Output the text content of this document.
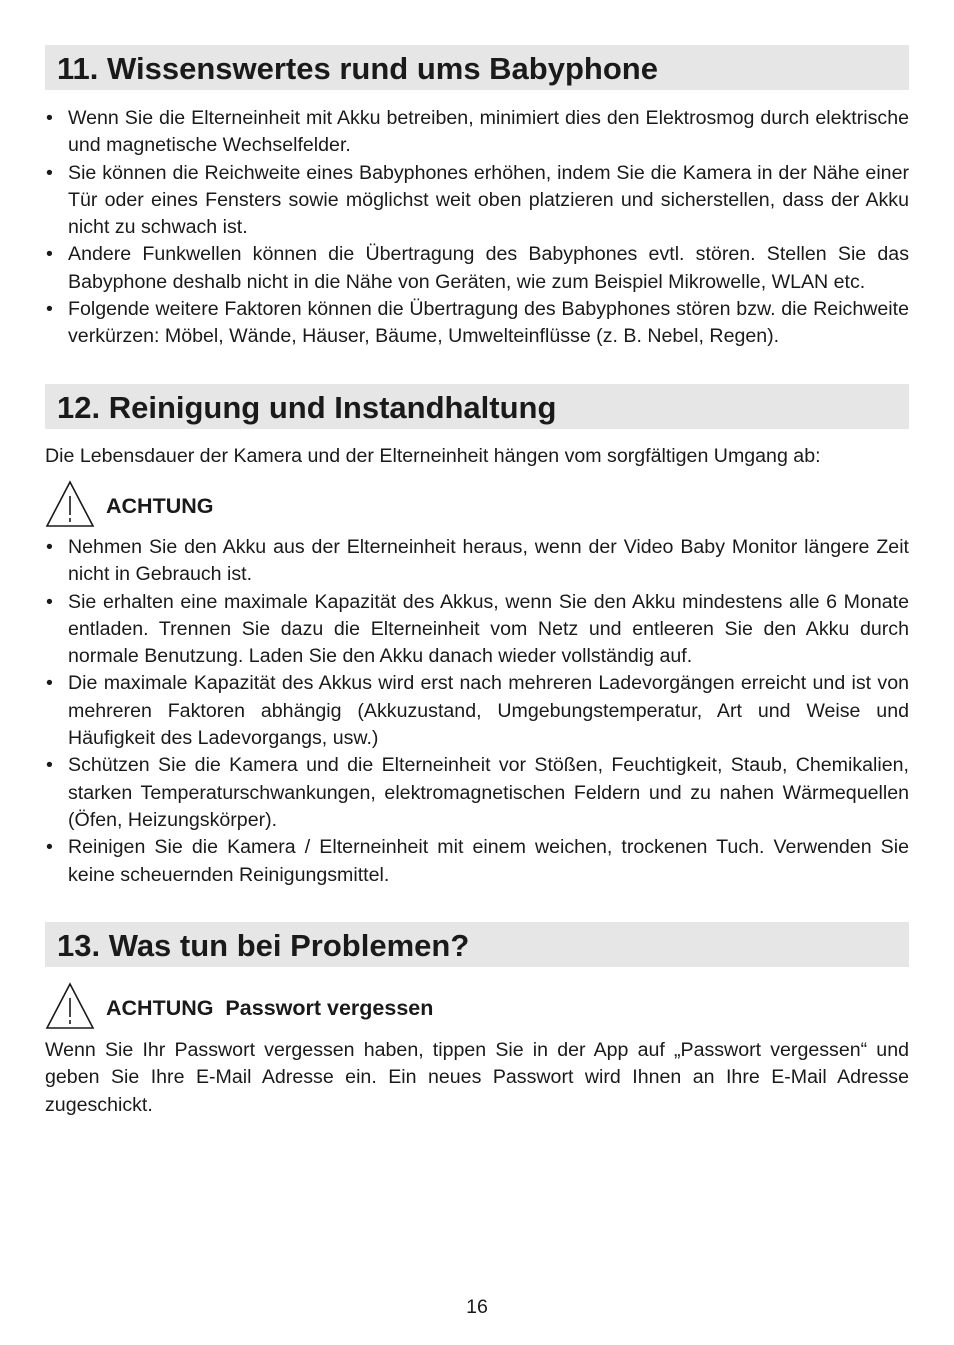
11. Wissenswertes rund ums Babyphone
• Wenn Sie die Elterneinheit mit Akku betreiben, minimiert dies den Elektrosmog durch elektrische und magnetische Wechselfelder.
• Sie können die Reichweite eines Babyphones erhöhen, indem Sie die Kamera in der Nähe einer Tür oder eines Fensters sowie möglichst weit oben platzieren und sicherstellen, dass der Akku nicht zu schwach ist.
• Andere Funkwellen können die Übertragung des Babyphones evtl. stören. Stellen Sie das Babyphone deshalb nicht in die Nähe von Geräten, wie zum Beispiel Mikrowelle, WLAN etc.
• Folgende weitere Faktoren können die Übertragung des Babyphones stören bzw. die Reichweite verkürzen: Möbel, Wände, Häuser, Bäume, Umwelteinflüsse (z. B. Nebel, Regen).
12. Reinigung und Instandhaltung

Die Lebensdauer der Kamera und der Elterneinheit hängen vom sorgfältigen Umgang ab:

ACHTUNG
• Nehmen Sie den Akku aus der Elterneinheit heraus, wenn der Video Baby Monitor längere Zeit nicht in Gebrauch ist.
• Sie erhalten eine maximale Kapazität des Akkus, wenn Sie den Akku mindestens alle 6 Monate entladen. Trennen Sie dazu die Elterneinheit vom Netz und entleeren Sie den Akku durch normale Benutzung. Laden Sie den Akku danach wieder vollständig auf.
• Die maximale Kapazität des Akkus wird erst nach mehreren Ladevorgängen erreicht und ist von mehreren Faktoren abhängig (Akkuzustand, Umgebungstemperatur, Art und Weise und Häufigkeit des Ladevorgangs, usw.)
• Schützen Sie die Kamera und die Elterneinheit vor Stößen, Feuchtigkeit, Staub, Chemikalien, starken Temperaturschwankungen, elektromagnetischen Feldern und zu nahen Wärmequellen (Öfen, Heizungskörper).
• Reinigen Sie die Kamera / Elterneinheit mit einem weichen, trockenen Tuch. Verwenden Sie keine scheuernden Reinigungsmittel.
13. Was tun bei Problemen?
ACHTUNG  Passwort vergessen

Wenn Sie Ihr Passwort vergessen haben, tippen Sie in der App auf „Passwort vergessen“ und geben Sie Ihre E-Mail Adresse ein. Ein neues Passwort wird Ihnen an Ihre E-Mail Adresse zugeschickt.

16
